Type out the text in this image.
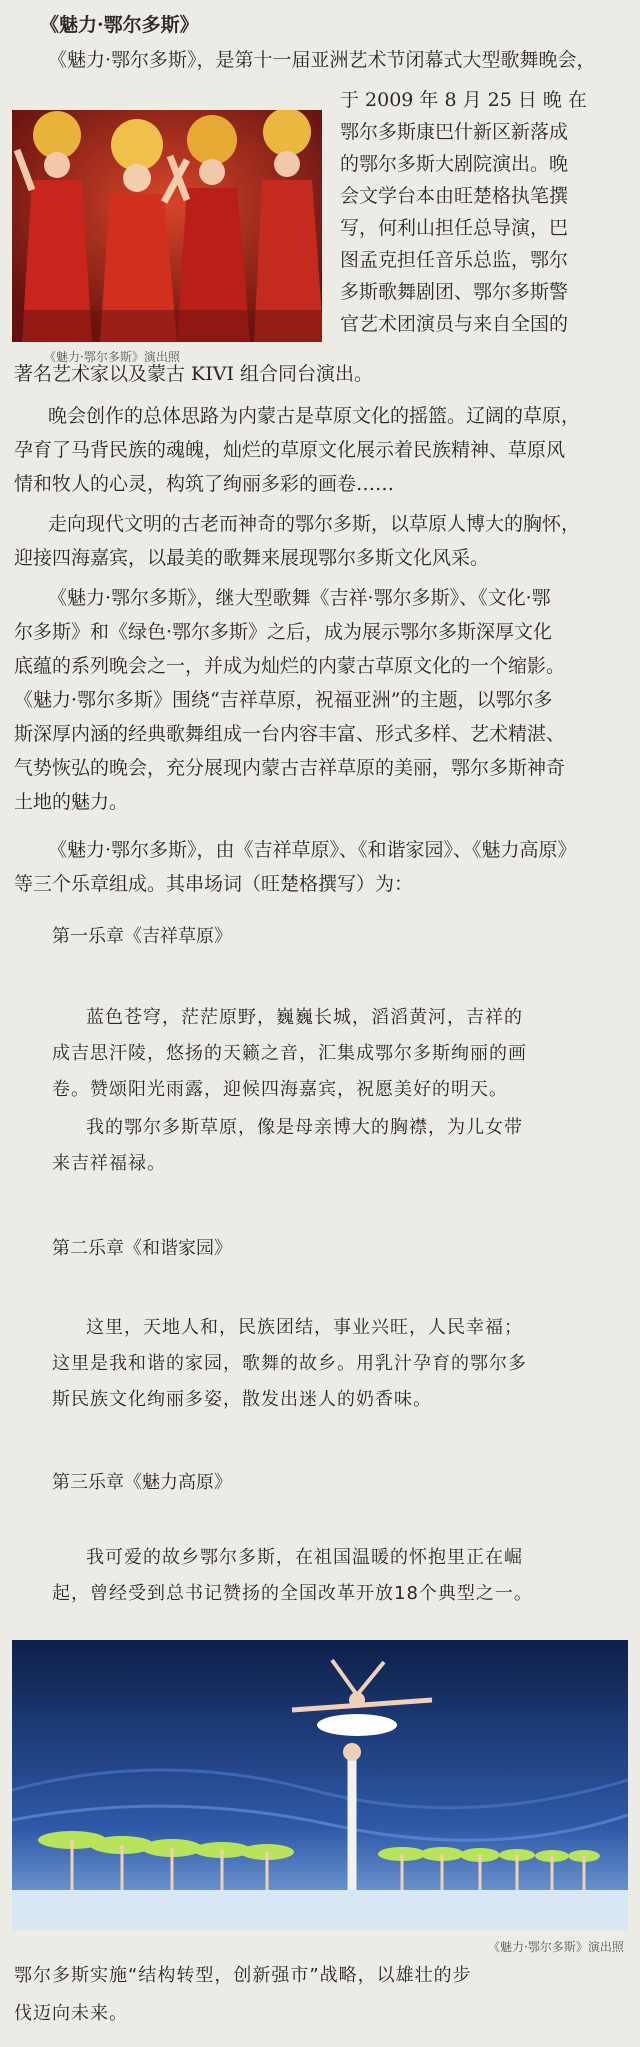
《魅力·鄂尔多斯》

《魅力·鄂尔多斯》，是第十一届亚洲艺术节闭幕式大型歌舞晚会，

《魅力·鄂尔多斯》演出照

于 2009 年 8 月 25 日 晚 在

鄂尔多斯康巴什新区新落成

的鄂尔多斯大剧院演出。晚

会文学台本由旺楚格执笔撰

写，何利山担任总导演，巴

图孟克担任音乐总监，鄂尔

多斯歌舞剧团、鄂尔多斯警

官艺术团演员与来自全国的

著名艺术家以及蒙古 KIVI 组合同台演出。

晚会创作的总体思路为内蒙古是草原文化的摇篮。辽阔的草原，

孕育了马背民族的魂魄，灿烂的草原文化展示着民族精神、草原风

情和牧人的心灵，构筑了绚丽多彩的画卷……

走向现代文明的古老而神奇的鄂尔多斯，以草原人博大的胸怀，

迎接四海嘉宾，以最美的歌舞来展现鄂尔多斯文化风采。

《魅力·鄂尔多斯》，继大型歌舞《吉祥·鄂尔多斯》、《文化·鄂

尔多斯》和《绿色·鄂尔多斯》之后，成为展示鄂尔多斯深厚文化

底蕴的系列晚会之一，并成为灿烂的内蒙古草原文化的一个缩影。

《魅力·鄂尔多斯》围绕“吉祥草原，祝福亚洲”的主题，以鄂尔多

斯深厚内涵的经典歌舞组成一台内容丰富、形式多样、艺术精湛、

气势恢弘的晚会，充分展现内蒙古吉祥草原的美丽，鄂尔多斯神奇

土地的魅力。

《魅力·鄂尔多斯》，由《吉祥草原》、《和谐家园》、《魅力高原》

等三个乐章组成。其串场词（旺楚格撰写）为：

第一乐章《吉祥草原》

蓝色苍穹，茫茫原野，巍巍长城，滔滔黄河，吉祥的

成吉思汗陵，悠扬的天籁之音，汇集成鄂尔多斯绚丽的画

卷。赞颂阳光雨露，迎候四海嘉宾，祝愿美好的明天。

我的鄂尔多斯草原，像是母亲博大的胸襟，为儿女带

来吉祥福禄。

第二乐章《和谐家园》

这里，天地人和，民族团结，事业兴旺，人民幸福；

这里是我和谐的家园，歌舞的故乡。用乳汁孕育的鄂尔多

斯民族文化绚丽多姿，散发出迷人的奶香味。

第三乐章《魅力高原》

我可爱的故乡鄂尔多斯，在祖国温暖的怀抱里正在崛

起，曾经受到总书记赞扬的全国改革开放18个典型之一。

《魅力·鄂尔多斯》演出照

鄂尔多斯实施“结构转型，创新强市”战略，以雄壮的步

伐迈向未来。
